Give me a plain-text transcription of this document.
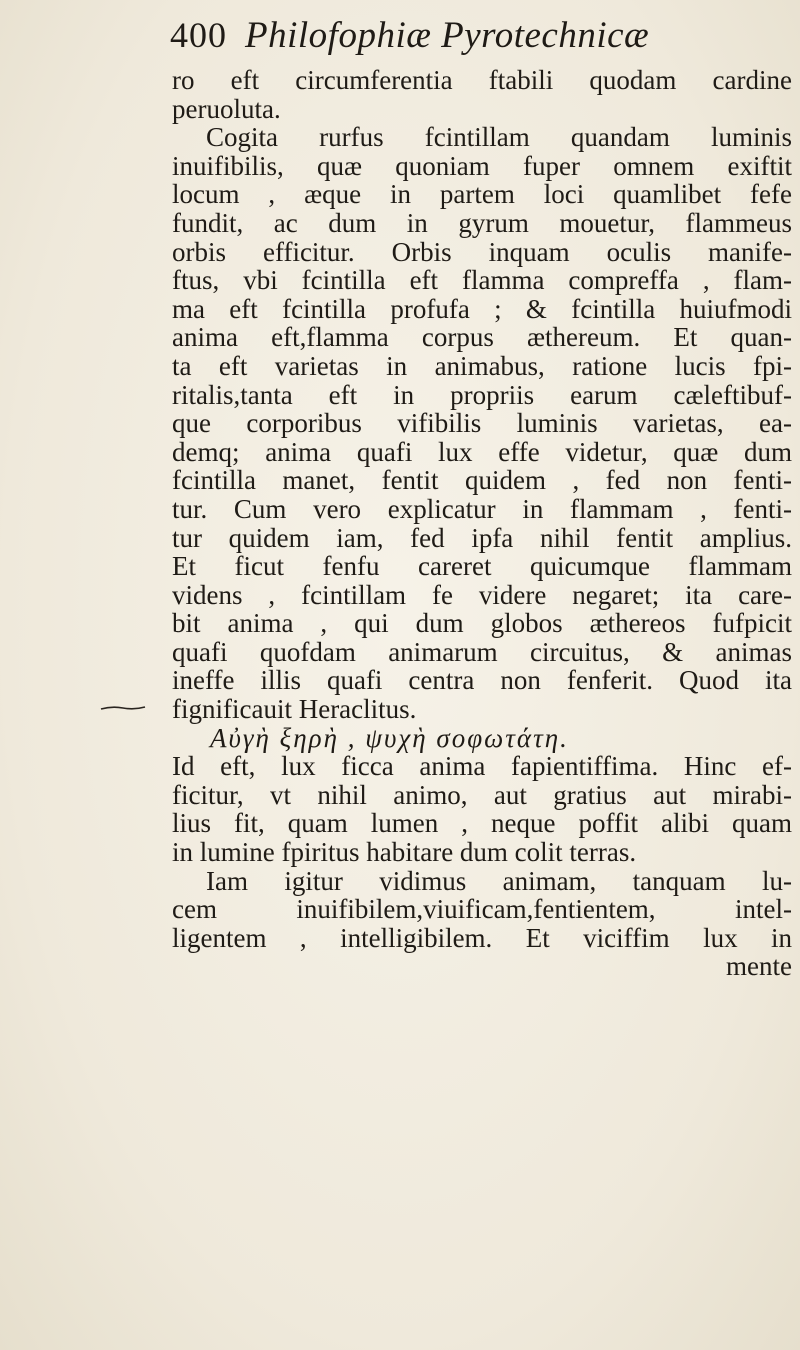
400 Philofophiæ Pyrotechnicæ
ro eft circumferentia ftabili quodam cardine
peruoluta.
Cogita rurfus fcintillam quandam luminis
inuifibilis, quæ quoniam fuper omnem exiftit
locum , æque in partem loci quamlibet fefe
fundit, ac dum in gyrum mouetur, flammeus
orbis efficitur. Orbis inquam oculis manife-
ftus, vbi fcintilla eft flamma compreffa , flam-
ma eft fcintilla profufa ; & fcintilla huiufmodi
anima eft,flamma corpus æthereum. Et quan-
ta eft varietas in animabus, ratione lucis fpi-
ritalis,tanta eft in propriis earum cæleftibuf-
que corporibus vifibilis luminis varietas, ea-
demq; anima quafi lux effe videtur, quæ dum
fcintilla manet, fentit quidem , fed non fenti-
tur. Cum vero explicatur in flammam , fenti-
tur quidem iam, fed ipfa nihil fentit amplius.
Et ficut fenfu careret quicumque flammam
videns , fcintillam fe videre negaret; ita care-
bit anima , qui dum globos æthereos fufpicit
quafi quofdam animarum circuitus, & animas
ineffe illis quafi centra non fenferit. Quod ita
fignificauit Heraclitus.
Αὐγὴ ξηρὴ , ψυχὴ σοφωτάτη.
Id eft, lux ficca anima fapientiffima. Hinc ef-
ficitur, vt nihil animo, aut gratius aut mirabi-
lius fit, quam lumen , neque poffit alibi quam
in lumine fpiritus habitare dum colit terras.
Iam igitur vidimus animam, tanquam lu-
cem inuifibilem,viuificam,fentientem, intel-
ligentem , intelligibilem. Et viciffim lux in
mente
